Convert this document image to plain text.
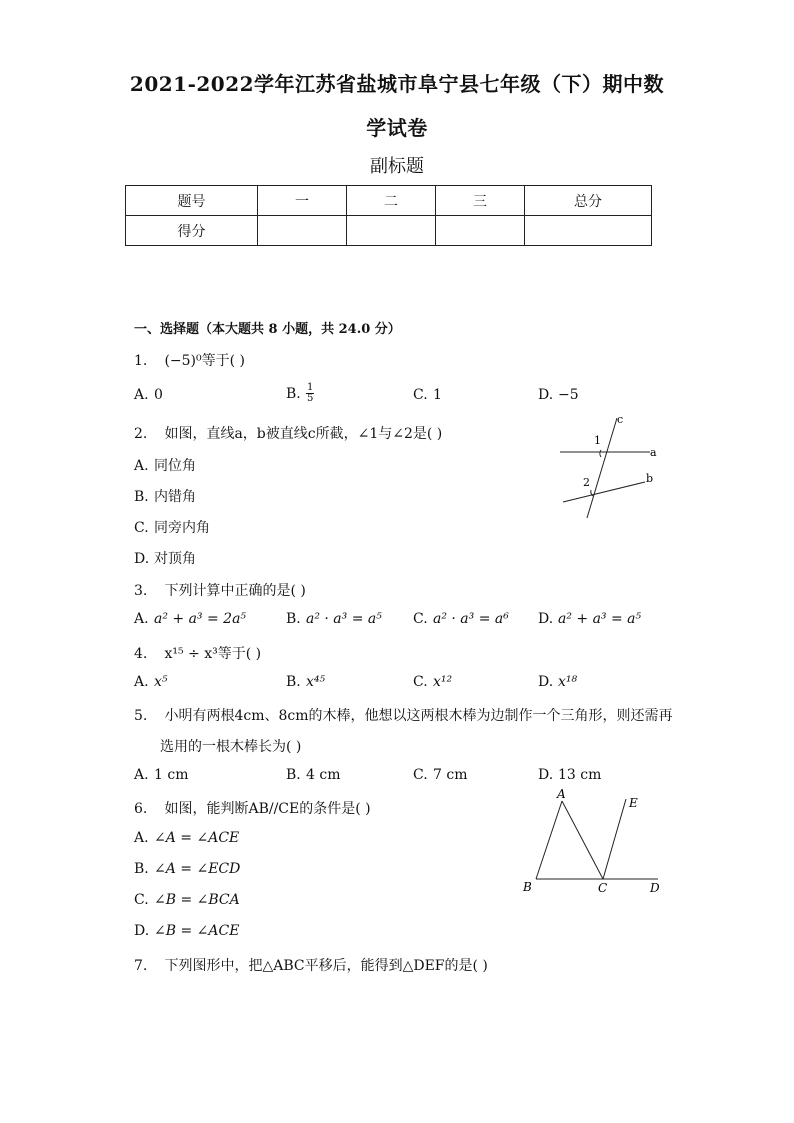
2021-2022学年江苏省盐城市阜宁县七年级（下）期中数
学试卷
副标题
题号	一	二	三	总分
得分				
一、选择题（本大题共 8 小题，共 24.0 分）
1. (−5)⁰等于( )
A. 0	B. $\frac{1}{5}$	C. 1	D. −5
2. 如图，直线a，b被直线c所截，∠1与∠2是( )
A. 同位角
B. 内错角
C. 同旁内角
D. 对顶角
c
a
b
1
2
3. 下列计算中正确的是( )
A. a² + a³ = 2a⁵	B. a² · a³ = a⁵ C. a² · a³ = a⁶ D. a² + a³ = a⁵
4. x¹⁵ ÷ x³等于( )
A. x⁵	B. x⁴⁵	C. x¹²	D. x¹⁸
5. 小明有两根4cm、8cm的木棒，他想以这两根木棒为边制作一个三角形，则还需再
选用的一根木棒长为( )
A. 1 cm	B. 4 cm	C. 7 cm	D. 13 cm
6. 如图，能判断AB//CE的条件是( )
A. ∠A = ∠ACE
B. ∠A = ∠ECD
C. ∠B = ∠BCA
D. ∠B = ∠ACE
A
B	C	D
E
7. 下列图形中，把△ABC平移后，能得到△DEF的是( )
